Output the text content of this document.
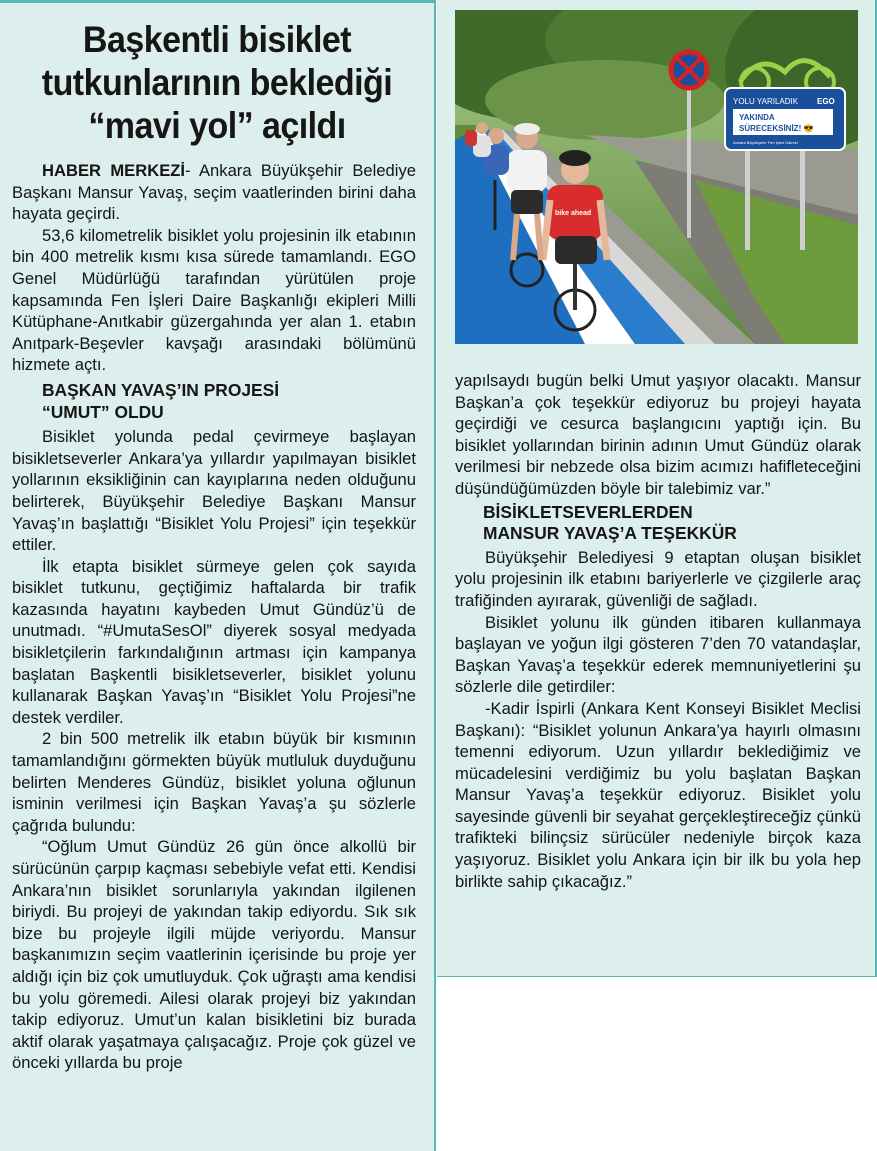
Başkentli bisiklet
tutkunlarının beklediği
“mavi yol” açıldı
YOLU YARILADIK EGO
YAKINDA
SÜRECEKSİNİZ! 😎
Ankara Büyükşehir Fen İşleri Dairesi
bike ahead

HABER MERKEZİ- Ankara Büyükşehir Belediye Başkanı Mansur Yavaş, seçim vaatlerinden birini daha hayata geçirdi.

53,6 kilometrelik bisiklet yolu projesinin ilk etabının bin 400 metrelik kısmı kısa sürede tamamlandı. EGO Genel Müdürlüğü tarafından yürütülen proje kapsamında Fen İşleri Daire Başkanlığı ekipleri Milli Kütüphane-Anıtkabir güzergahında yer alan 1. etabın Anıtpark-Beşevler kavşağı arasındaki bölümünü hizmete açtı.

BAŞKAN YAVAŞ’IN PROJESİ
“UMUT” OLDU

Bisiklet yolunda pedal çevirmeye başlayan bisikletseverler Ankara’ya yıllardır yapılmayan bisiklet yollarının eksikliğinin can kayıplarına neden olduğunu belirterek, Büyükşehir Belediye Başkanı Mansur Yavaş’ın başlattığı “Bisiklet Yolu Projesi” için teşekkür ettiler.

İlk etapta bisiklet sürmeye gelen çok sayıda bisiklet tutkunu, geçtiğimiz haftalarda bir trafik kazasında hayatını kaybeden Umut Gündüz’ü de unutmadı. “#UmutaSesOl” diyerek sosyal medyada bisikletçilerin farkındalığının artması için kampanya başlatan Başkentli bisikletseverler, bisiklet yolunu kullanarak Başkan Yavaş’ın “Bisiklet Yolu Projesi”ne destek verdiler.

2 bin 500 metrelik ilk etabın büyük bir kısmının tamamlandığını görmekten büyük mutluluk duyduğunu belirten Menderes Gündüz, bisiklet yoluna oğlunun isminin verilmesi için Başkan Yavaş’a şu sözlerle çağrıda bulundu:

“Oğlum Umut Gündüz 26 gün önce alkollü bir sürücünün çarpıp kaçması sebebiyle vefat etti. Kendisi Ankara’nın bisiklet sorunlarıyla yakından ilgilenen biriydi. Bu projeyi de yakından takip ediyordu. Sık sık bize bu projeyle ilgili müjde veriyordu. Mansur başkanımızın seçim vaatlerinin içerisinde bu proje yer aldığı için biz çok umutluyduk. Çok uğraştı ama kendisi bu yolu göremedi. Ailesi olarak projeyi biz yakından takip ediyoruz. Umut’un kalan bisikletini biz burada aktif olarak yaşatmaya çalışacağız. Proje çok güzel ve önceki yıllarda bu proje

yapılsaydı bugün belki Umut yaşıyor olacaktı. Mansur Başkan’a çok teşekkür ediyoruz bu projeyi hayata geçirdiği ve cesurca başlangıcını yaptığı için. Bu bisiklet yollarından birinin adının Umut Gündüz olarak verilmesi bir nebzede olsa bizim acımızı hafifleteceğini düşündüğümüzden böyle bir talebimiz var.”

BİSİKLETSEVERLERDEN
MANSUR YAVAŞ’A TEŞEKKÜR

Büyükşehir Belediyesi 9 etaptan oluşan bisiklet yolu projesinin ilk etabını bariyerlerle ve çizgilerle araç trafiğinden ayırarak, güvenliği de sağladı.

Bisiklet yolunu ilk günden itibaren kullanmaya başlayan ve yoğun ilgi gösteren 7’den 70 vatandaşlar, Başkan Yavaş’a teşekkür ederek memnuniyetlerini şu sözlerle dile getirdiler:

-Kadir İspirli (Ankara Kent Konseyi Bisiklet Meclisi Başkanı): “Bisiklet yolunun Ankara’ya hayırlı olmasını temenni ediyorum. Uzun yıllardır beklediğimiz ve mücadelesini verdiğimiz bu yolu başlatan Başkan Mansur Yavaş’a teşekkür ediyoruz. Bisiklet yolu sayesinde güvenli bir seyahat gerçekleştireceğiz çünkü trafikteki bilinçsiz sürücüler nedeniyle birçok kaza yaşıyoruz. Bisiklet yolu Ankara için bir ilk bu yola hep birlikte sahip çıkacağız.”
